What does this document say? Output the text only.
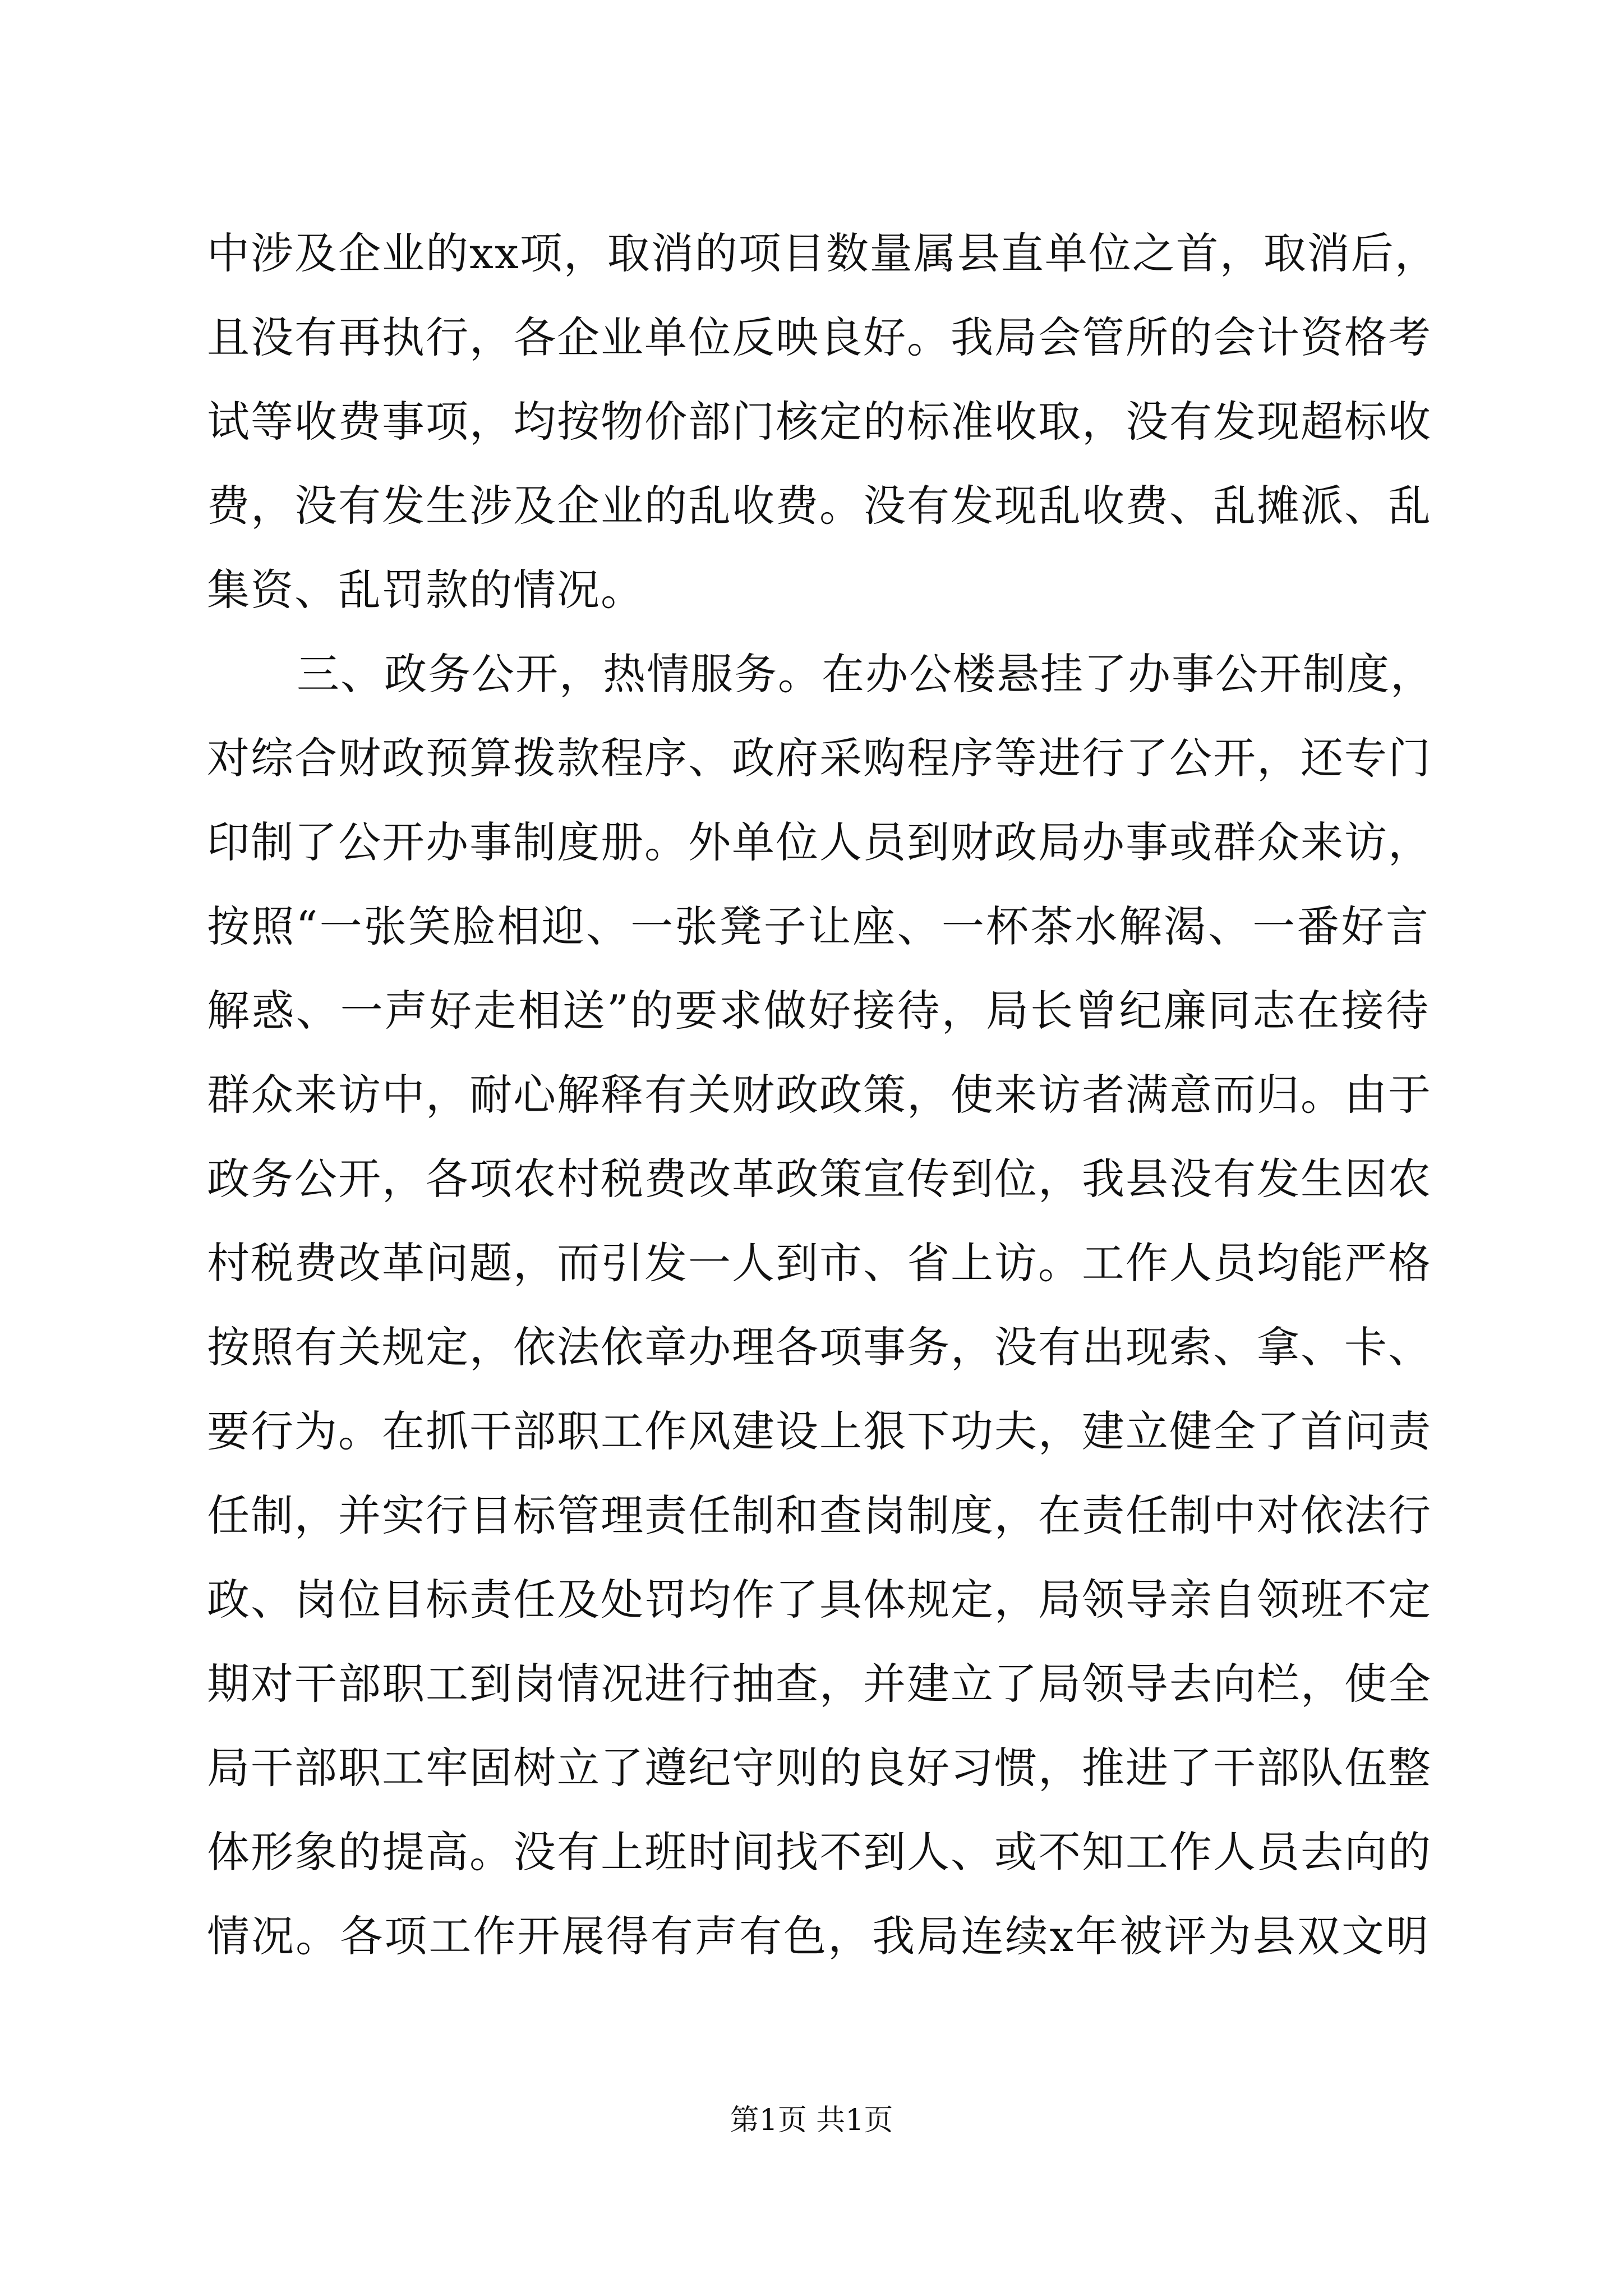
中涉及企业的xx项，取消的项目数量属县直单位之首，取消后，
且没有再执行，各企业单位反映良好。我局会管所的会计资格考
试等收费事项，均按物价部门核定的标准收取，没有发现超标收
费，没有发生涉及企业的乱收费。没有发现乱收费、乱摊派、乱
集资、乱罚款的情况。
三、政务公开，热情服务。在办公楼悬挂了办事公开制度，
对综合财政预算拨款程序、政府采购程序等进行了公开，还专门
印制了公开办事制度册。外单位人员到财政局办事或群众来访，
按照“一张笑脸相迎、一张凳子让座、一杯茶水解渴、一番好言
解惑、一声好走相送”的要求做好接待，局长曾纪廉同志在接待
群众来访中，耐心解释有关财政政策，使来访者满意而归。由于
政务公开，各项农村税费改革政策宣传到位，我县没有发生因农
村税费改革问题，而引发一人到市、省上访。工作人员均能严格
按照有关规定，依法依章办理各项事务，没有出现索、拿、卡、
要行为。在抓干部职工作风建设上狠下功夫，建立健全了首问责
任制，并实行目标管理责任制和查岗制度，在责任制中对依法行
政、岗位目标责任及处罚均作了具体规定，局领导亲自领班不定
期对干部职工到岗情况进行抽查，并建立了局领导去向栏，使全
局干部职工牢固树立了遵纪守则的良好习惯，推进了干部队伍整
体形象的提高。没有上班时间找不到人、或不知工作人员去向的
情况。各项工作开展得有声有色，我局连续x年被评为县双文明
第1页 共1页
